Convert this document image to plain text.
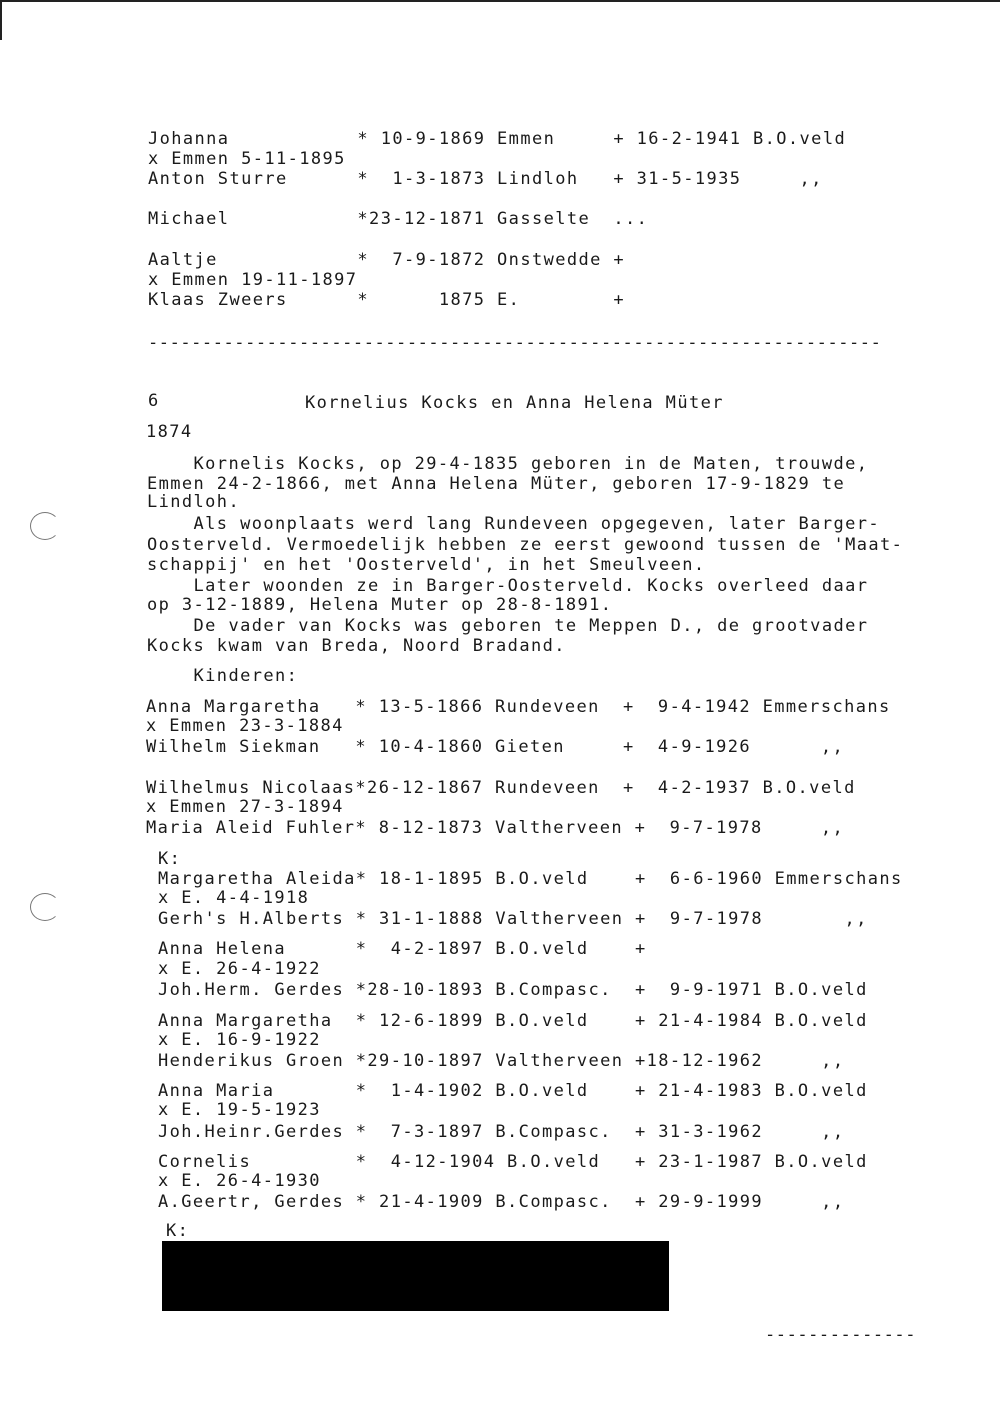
Johanna           * 10-9-1869 Emmen     + 16-2-1941 B.O.veld
x Emmen 5-11-1895
Anton Sturre      *  1-3-1873 Lindloh   + 31-5-1935     ,,
Michael           *23-12-1871 Gasselte  ...
Aaltje            *  7-9-1872 Onstwedde +
x Emmen 19-11-1897
Klaas Zweers      *      1875 E.        +
--------------------------------------------------------------------
6	Kornelius Kocks en Anna Helena Müter
1874
Kornelis Kocks, op 29-4-1835 geboren in de Maten, trouwde,
Emmen 24-2-1866, met Anna Helena Müter, geboren 17-9-1829 te
Lindloh.
Als woonplaats werd lang Rundeveen opgegeven, later Barger-
Oosterveld. Vermoedelijk hebben ze eerst gewoond tussen de 'Maat-
schappij' en het 'Oosterveld', in het Smeulveen.
Later woonden ze in Barger-Oosterveld. Kocks overleed daar
op 3-12-1889, Helena Muter op 28-8-1891.
De vader van Kocks was geboren te Meppen D., de grootvader
Kocks kwam van Breda, Noord Bradand.
Kinderen:
Anna Margaretha   * 13-5-1866 Rundeveen  +  9-4-1942 Emmerschans
x Emmen 23-3-1884
Wilhelm Siekman   * 10-4-1860 Gieten     +  4-9-1926      ,,
Wilhelmus Nicolaas*26-12-1867 Rundeveen  +  4-2-1937 B.O.veld
x Emmen 27-3-1894
Maria Aleid Fuhler* 8-12-1873 Valtherveen +  9-7-1978     ,,
K:
Margaretha Aleida* 18-1-1895 B.O.veld    +  6-6-1960 Emmerschans
x E. 4-4-1918
Gerh's H.Alberts * 31-1-1888 Valtherveen +  9-7-1978       ,,
Anna Helena      *  4-2-1897 B.O.veld    +
x E. 26-4-1922
Joh.Herm. Gerdes *28-10-1893 B.Compasc.  +  9-9-1971 B.O.veld
Anna Margaretha  * 12-6-1899 B.O.veld    + 21-4-1984 B.O.veld
x E. 16-9-1922
Henderikus Groen *29-10-1897 Valtherveen +18-12-1962     ,,
Anna Maria       *  1-4-1902 B.O.veld    + 21-4-1983 B.O.veld
x E. 19-5-1923
Joh.Heinr.Gerdes *  7-3-1897 B.Compasc.  + 31-3-1962     ,,
Cornelis         *  4-12-1904 B.O.veld   + 23-1-1987 B.O.veld
x E. 26-4-1930
A.Geertr, Gerdes * 21-4-1909 B.Compasc.  + 29-9-1999     ,,
K:
--------------
